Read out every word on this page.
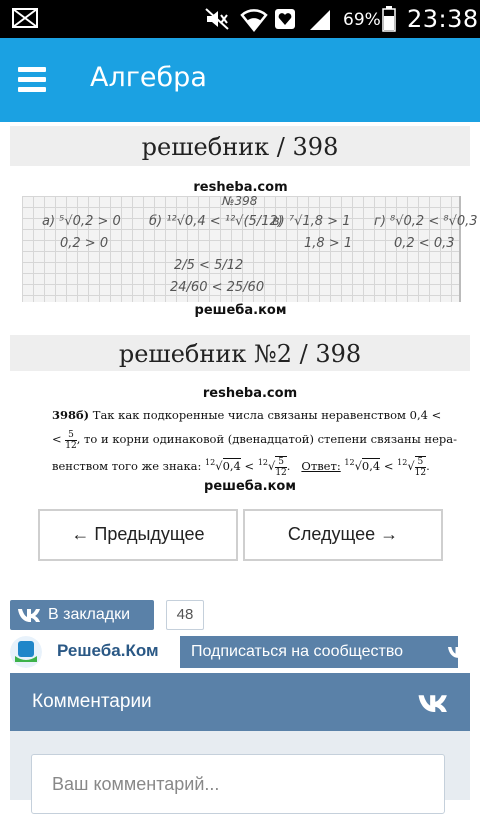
69% 23:38
Алгебра
решебник / 398
resheba.com
№398
а) ⁵√0,2 > 0
0,2 > 0
б) ¹²√0,4 < ¹²√(5/12)
2/5 < 5/12
24/60 < 25/60
в) ⁷√1,8 > 1
1,8 > 1
г) ⁸√0,2 < ⁸√0,3
0,2 < 0,3
решеба.ком
решебник №2 / 398
resheba.com
398б) Так как подкоренные числа связаны неравенством 0,4 <
< $\frac{5}{12}$ , то и корни одинаковой (двенадцатой) степени связаны нера-
венством того же знака: $^{12}√0,4 < ^{12}√ \frac{5}{12}$ .   Ответ: $^{12}√0,4 < ^{12}√ \frac{5}{12}$ .
решеба.ком
← Предыдущее	Следущее →
В закладки	48
Решеба.Ком Подписаться на сообщество
Комментарии
Ваш комментарий...
